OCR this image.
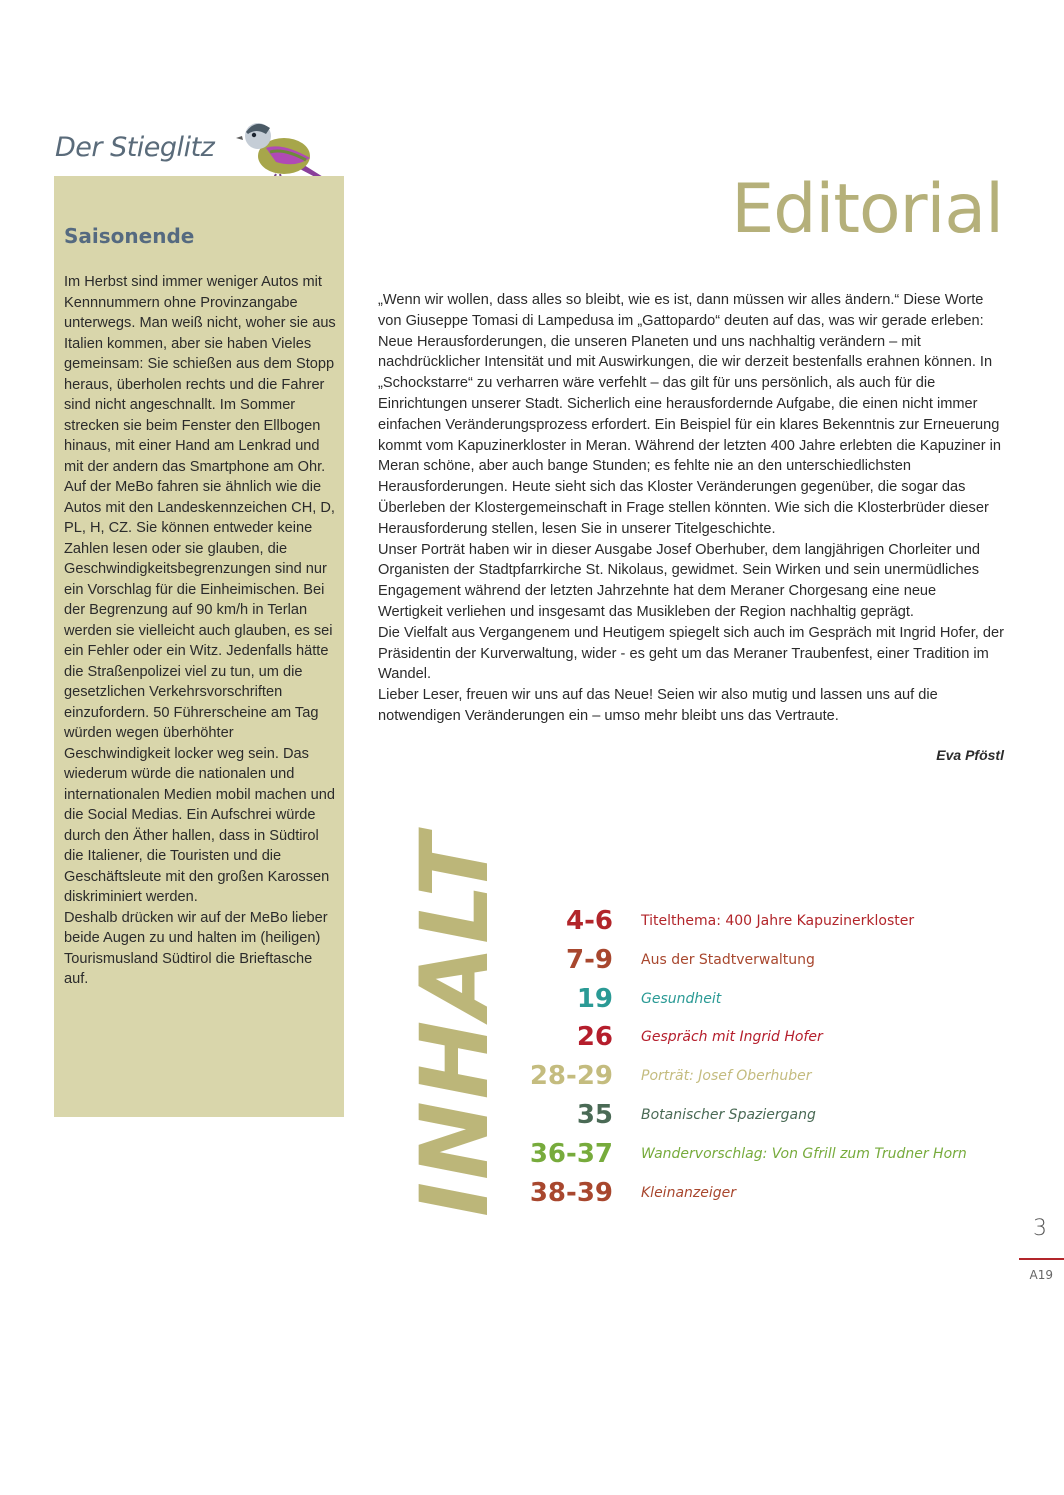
Der Stieglitz
Saisonende

Im Herbst sind immer weniger Autos mit Kennnummern ohne Provinzangabe unterwegs. Man weiß nicht, woher sie aus Italien kommen, aber sie haben Vieles gemeinsam: Sie schießen aus dem Stopp heraus, überholen rechts und die Fahrer sind nicht angeschnallt. Im Sommer strecken sie beim Fenster den Ellbogen hinaus, mit einer Hand am Lenkrad und mit der andern das Smartphone am Ohr.

Auf der MeBo fahren sie ähnlich wie die Autos mit den Landeskennzeichen CH, D, PL, H, CZ. Sie können entweder keine Zahlen lesen oder sie glauben, die Geschwindigkeitsbegrenzungen sind nur ein Vorschlag für die Einheimischen. Bei der Begrenzung auf 90 km/h in Terlan werden sie vielleicht auch glauben, es sei ein Fehler oder ein Witz. Jedenfalls hätte die Straßenpolizei viel zu tun, um die gesetzlichen Verkehrsvorschriften einzufordern. 50 Führerscheine am Tag würden wegen überhöhter Geschwindigkeit locker weg sein. Das wiederum würde die nationalen und internationalen Medien mobil machen und die Social Medias. Ein Aufschrei würde durch den Äther hallen, dass in Südtirol die Italiener, die Touristen und die Geschäftsleute mit den großen Karossen diskriminiert werden.

Deshalb drücken wir auf der MeBo lieber beide Augen zu und halten im (heiligen) Tourismusland Südtirol die Brieftasche auf.

Editorial

„Wenn wir wollen, dass alles so bleibt, wie es ist, dann müssen wir alles ändern.“ Diese Worte von Giuseppe Tomasi di Lampedusa im „Gattopardo“ deuten auf das, was wir gerade erleben: Neue Herausforderungen, die unseren Planeten und uns nachhaltig verändern – mit nachdrücklicher Intensität und mit Auswirkungen, die wir derzeit bestenfalls erahnen können. In „Schockstarre“ zu verharren wäre verfehlt – das gilt für uns persönlich, als auch für die Einrichtungen unserer Stadt. Sicherlich eine herausfordernde Aufgabe, die einen nicht immer einfachen Veränderungsprozess erfordert. Ein Beispiel für ein klares Bekenntnis zur Erneuerung kommt vom Kapuzinerkloster in Meran. Während der letzten 400 Jahre erlebten die Kapuziner in Meran schöne, aber auch bange Stunden; es fehlte nie an den unterschiedlichsten Herausforderungen. Heute sieht sich das Kloster Veränderungen gegenüber, die sogar das Überleben der Klostergemeinschaft in Frage stellen könnten. Wie sich die Klosterbrüder dieser Herausforderung stellen, lesen Sie in unserer Titelgeschichte.

Unser Porträt haben wir in dieser Ausgabe Josef Oberhuber, dem langjährigen Chorleiter und Organisten der Stadtpfarrkirche St. Nikolaus, gewidmet. Sein Wirken und sein unermüdliches Engagement während der letzten Jahrzehnte hat dem Meraner Chorgesang eine neue Wertigkeit verliehen und insgesamt das Musikleben der Region nachhaltig geprägt.

Die Vielfalt aus Vergangenem und Heutigem spiegelt sich auch im Gespräch mit Ingrid Hofer, der Präsidentin der Kurverwaltung, wider - es geht um das Meraner Traubenfest, einer Tradition im Wandel.

Lieber Leser, freuen wir uns auf das Neue! Seien wir also mutig und lassen uns auf die notwendigen Veränderungen ein – umso mehr bleibt uns das Vertraute.

Eva Pföstl
INHALT 4-6 Titelthema: 400 Jahre Kapuzinerkloster
7-9 Aus der Stadtverwaltung
19 Gesundheit
26 Gespräch mit Ingrid Hofer
28-29 Porträt: Josef Oberhuber
35 Botanischer Spaziergang
36-37 Wandervorschlag: Von Gfrill zum Trudner Horn
38-39 Kleinanzeiger
3
A19
